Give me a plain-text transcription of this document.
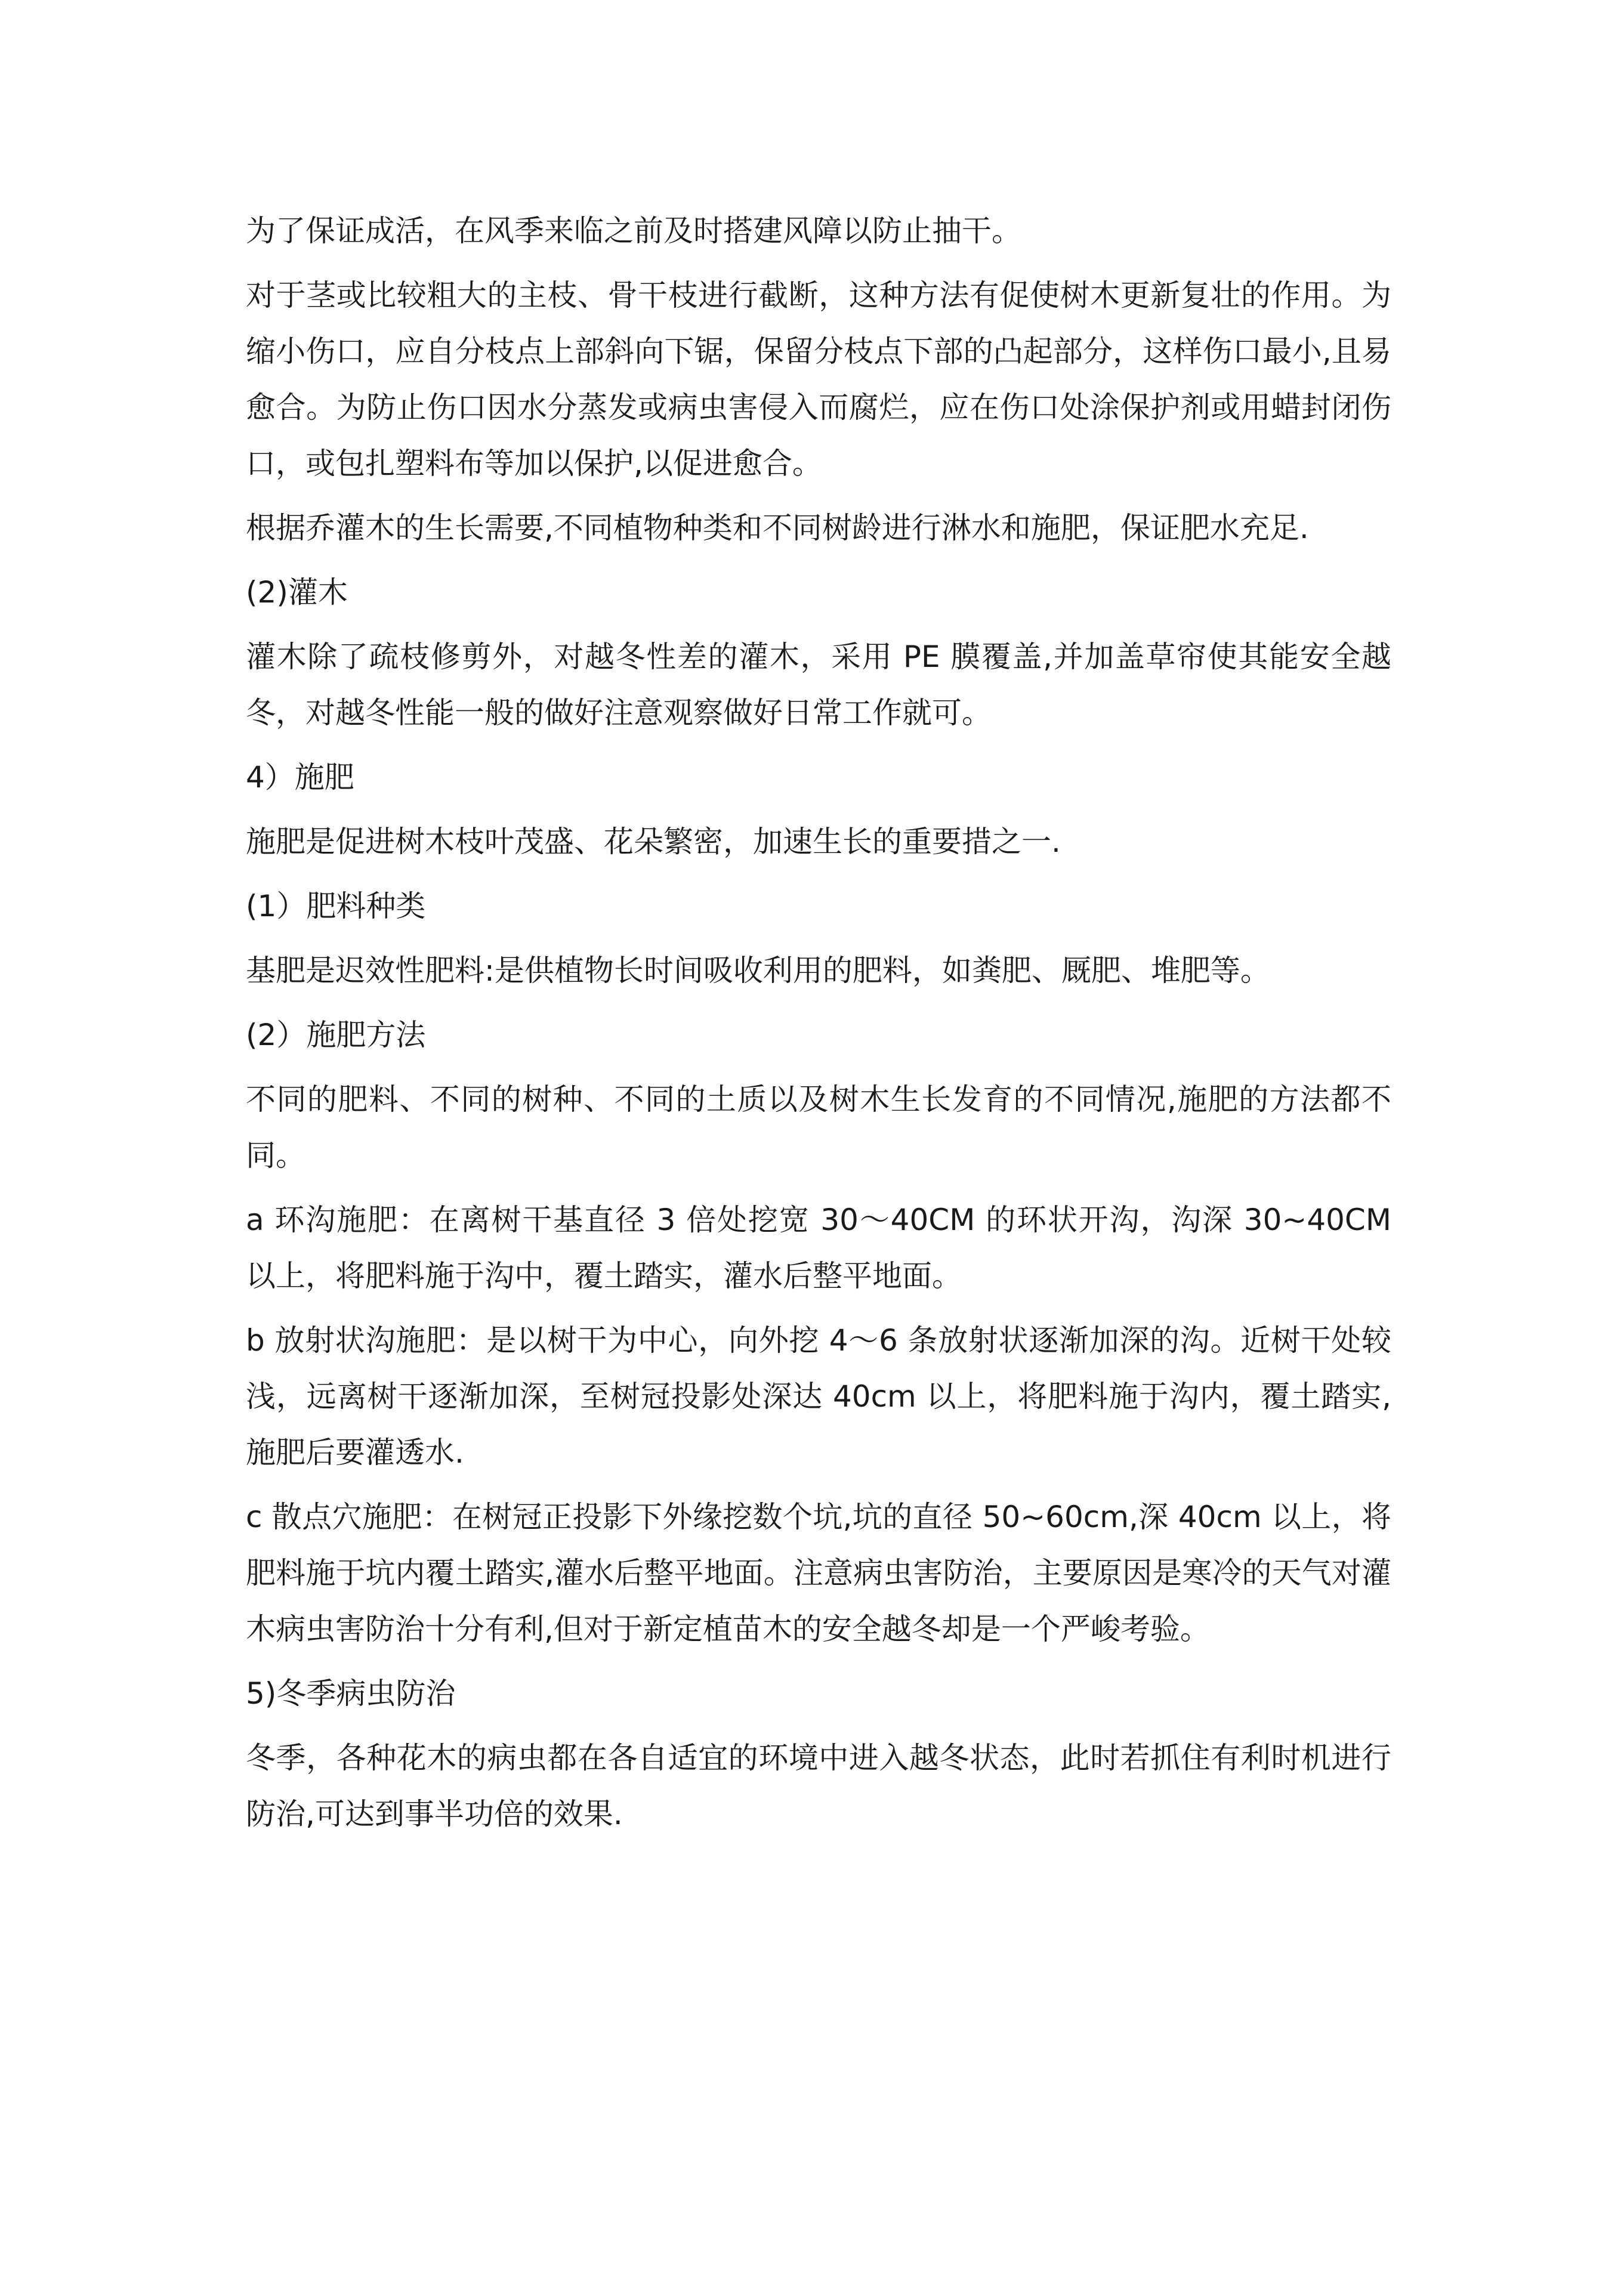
为了保证成活，在风季来临之前及时搭建风障以防止抽干。

对于茎或比较粗大的主枝、骨干枝进行截断，这种方法有促使树木更新复壮的作用。为缩小伤口，应自分枝点上部斜向下锯，保留分枝点下部的凸起部分，这样伤口最小,且易愈合。为防止伤口因水分蒸发或病虫害侵入而腐烂，应在伤口处涂保护剂或用蜡封闭伤口，或包扎塑料布等加以保护,以促进愈合。

根据乔灌木的生长需要,不同植物种类和不同树龄进行淋水和施肥，保证肥水充足.

(2)灌木

灌木除了疏枝修剪外，对越冬性差的灌木，采用 PE 膜覆盖,并加盖草帘使其能安全越冬，对越冬性能一般的做好注意观察做好日常工作就可。

4）施肥

施肥是促进树木枝叶茂盛、花朵繁密，加速生长的重要措之一.

(1）肥料种类

基肥是迟效性肥料:是供植物长时间吸收利用的肥料，如粪肥、厩肥、堆肥等。

(2）施肥方法

不同的肥料、不同的树种、不同的土质以及树木生长发育的不同情况,施肥的方法都不同。

a 环沟施肥：在离树干基直径 3 倍处挖宽 30～40CM 的环状开沟，沟深 30~40CM 以上，将肥料施于沟中，覆土踏实，灌水后整平地面。

b 放射状沟施肥：是以树干为中心，向外挖 4～6 条放射状逐渐加深的沟。近树干处较浅，远离树干逐渐加深，至树冠投影处深达 40cm 以上，将肥料施于沟内，覆土踏实,施肥后要灌透水.

c 散点穴施肥：在树冠正投影下外缘挖数个坑,坑的直径 50~60cm,深 40cm 以上，将肥料施于坑内覆土踏实,灌水后整平地面。注意病虫害防治，主要原因是寒冷的天气对灌木病虫害防治十分有利,但对于新定植苗木的安全越冬却是一个严峻考验。

5)冬季病虫防治

冬季，各种花木的病虫都在各自适宜的环境中进入越冬状态，此时若抓住有利时机进行防治,可达到事半功倍的效果.
